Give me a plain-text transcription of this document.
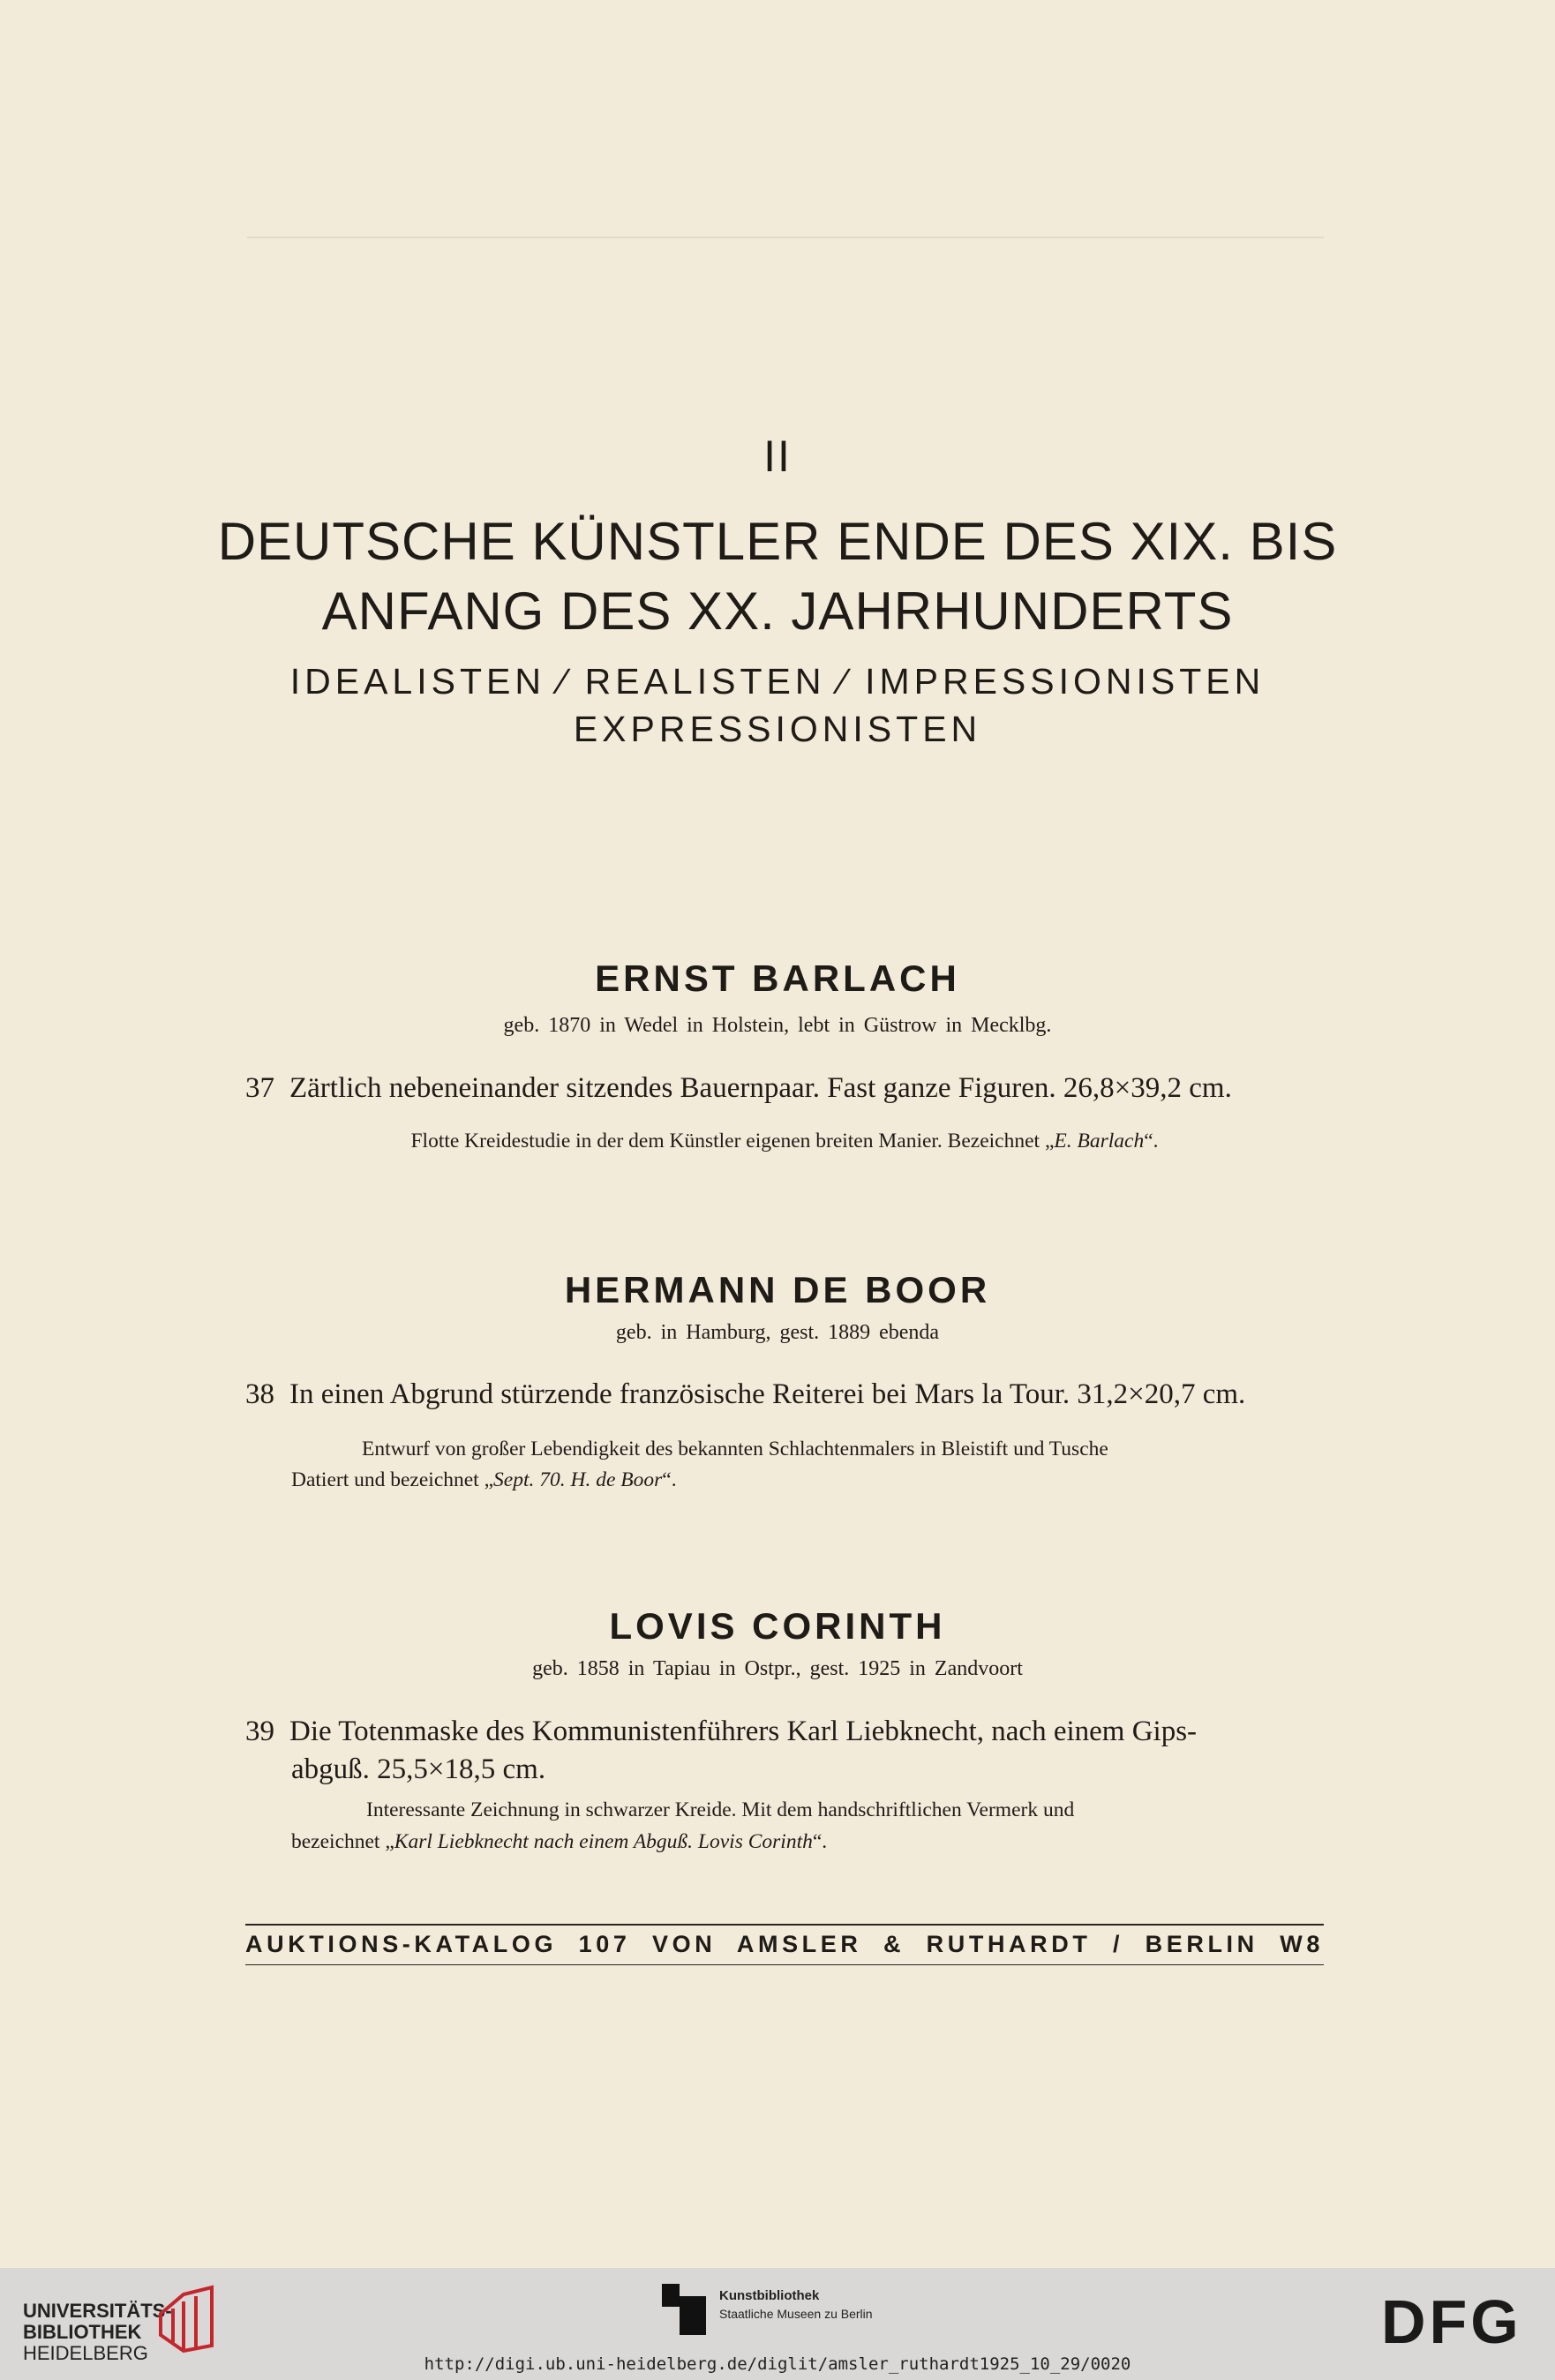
II
DEUTSCHE KÜNSTLER ENDE DES XIX. BIS
ANFANG DES XX. JAHRHUNDERTS
IDEALISTEN ⁄ REALISTEN ⁄ IMPRESSIONISTEN
EXPRESSIONISTEN
ERNST BARLACH
geb. 1870 in Wedel in Holstein, lebt in Güstrow in Mecklbg.
37 Zärtlich nebeneinander sitzendes Bauernpaar. Fast ganze Figuren. 26,8×39,2 cm.
Flotte Kreidestudie in der dem Künstler eigenen breiten Manier. Bezeichnet „E. Barlach“.
HERMANN DE BOOR
geb. in Hamburg, gest. 1889 ebenda
38 In einen Abgrund stürzende französische Reiterei bei Mars la Tour. 31,2×20,7 cm.
Entwurf von großer Lebendigkeit des bekannten Schlachtenmalers in Bleistift und Tusche
Datiert und bezeichnet „Sept. 70. H. de Boor“.
LOVIS CORINTH
geb. 1858 in Tapiau in Ostpr., gest. 1925 in Zandvoort
39 Die Totenmaske des Kommunistenführers Karl Liebknecht, nach einem Gips-
abguß. 25,5×18,5 cm.
Interessante Zeichnung in schwarzer Kreide. Mit dem handschriftlichen Vermerk und
bezeichnet „Karl Liebknecht nach einem Abguß. Lovis Corinth“.
AUKTIONS-KATALOG 107 VON AMSLER & RUTHARDT / BERLIN W8
UNIVERSITÄTS-
BIBLIOTHEK
HEIDELBERG
Kunstbibliothek
Staatliche Museen zu Berlin	DFG
http://digi.ub.uni-heidelberg.de/diglit/amsler_ruthardt1925_10_29/0020
